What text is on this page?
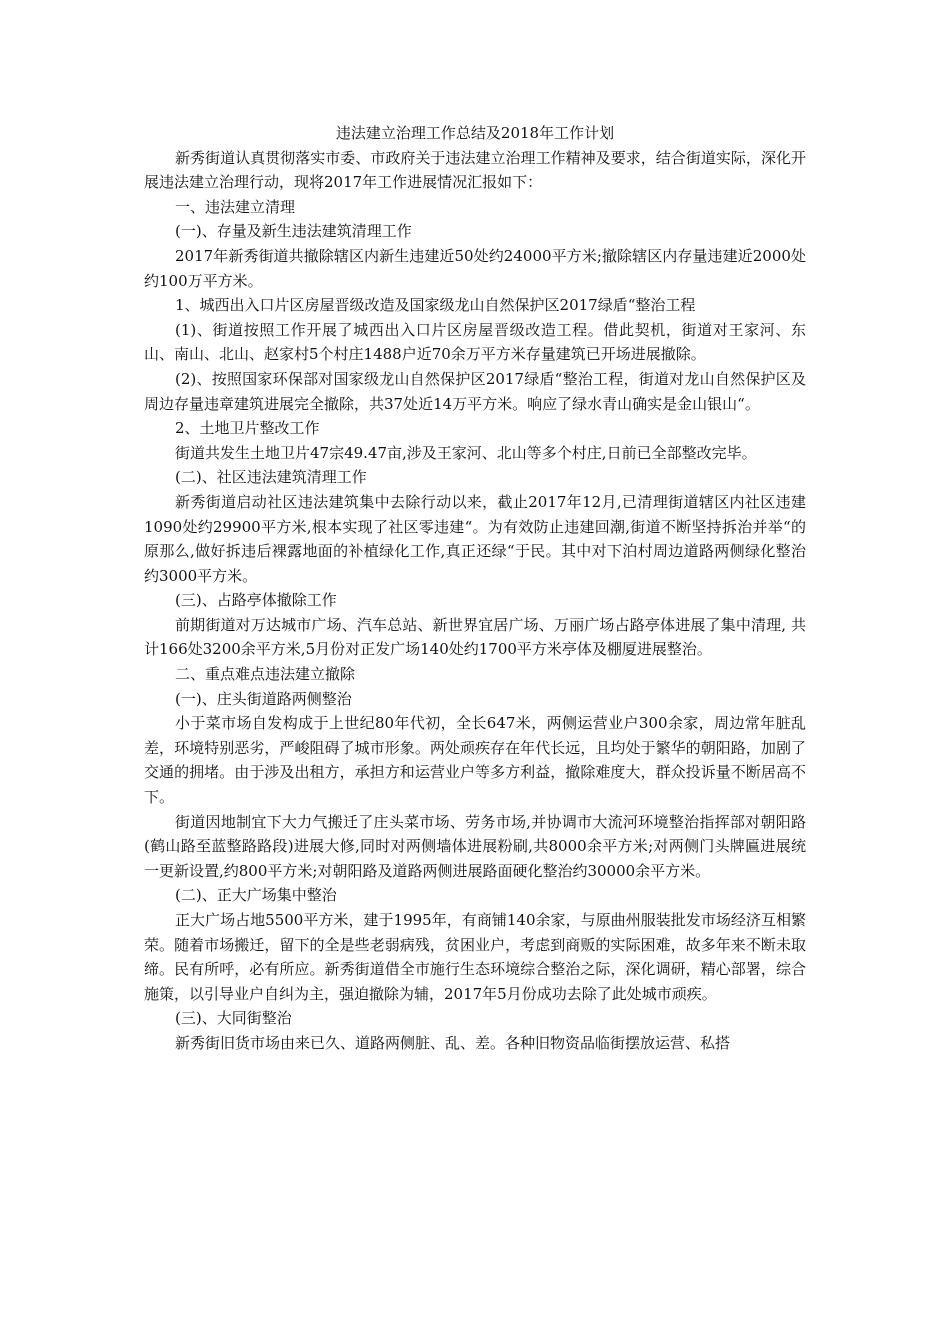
违法建立治理工作总结及2018年工作计划

新秀街道认真贯彻落实市委、市政府关于违法建立治理工作精神及要求，结合街道实际，深化开展违法建立治理行动，现将2017年工作进展情况汇报如下：

一、违法建立清理

(一)、存量及新生违法建筑清理工作

2017年新秀街道共撤除辖区内新生违建近50处约24000平方米;撤除辖区内存量违建近2000处约100万平方米。

1、城西出入口片区房屋晋级改造及国家级龙山自然保护区2017绿盾“整治工程

(1)、街道按照工作开展了城西出入口片区房屋晋级改造工程。借此契机，街道对王家河、东山、南山、北山、赵家村5个村庄1488户近70余万平方米存量建筑已开场进展撤除。

(2)、按照国家环保部对国家级龙山自然保护区2017绿盾“整治工程，街道对龙山自然保护区及周边存量违章建筑进展完全撤除，共37处近14万平方米。响应了绿水青山确实是金山银山“。

2、土地卫片整改工作

街道共发生土地卫片47宗49.47亩,涉及王家河、北山等多个村庄,日前已全部整改完毕。

(二)、社区违法建筑清理工作

新秀街道启动社区违法建筑集中去除行动以来，截止2017年12月,已清理街道辖区内社区违建1090处约29900平方米,根本实现了社区零违建“。为有效防止违建回潮,街道不断坚持拆治并举“的原那么,做好拆违后裸露地面的补植绿化工作,真正还绿“于民。其中对下泊村周边道路两侧绿化整治约3000平方米。

(三)、占路亭体撤除工作

前期街道对万达城市广场、汽车总站、新世界宜居广场、万丽广场占路亭体进展了集中清理, 共计166处3200余平方米,5月份对正发广场140处约1700平方米亭体及棚厦进展整治。

二、重点难点违法建立撤除

(一)、庄头街道路两侧整治

小于菜市场自发构成于上世纪80年代初，全长647米，两侧运营业户300余家，周边常年脏乱差，环境特别恶劣，严峻阻碍了城市形象。两处顽疾存在年代长远，且均处于繁华的朝阳路，加剧了交通的拥堵。由于涉及出租方，承担方和运营业户等多方利益，撤除难度大，群众投诉量不断居高不下。

街道因地制宜下大力气搬迁了庄头菜市场、劳务市场,并协调市大流河环境整治指挥部对朝阳路(鹤山路至蓝整路路段)进展大修,同时对两侧墙体进展粉刷,共8000余平方米;对两侧门头牌匾进展统一更新设置,约800平方米;对朝阳路及道路两侧进展路面硬化整治约30000余平方米。

(二)、正大广场集中整治

正大广场占地5500平方米，建于1995年，有商铺140余家，与原曲州服装批发市场经济互相繁荣。随着市场搬迁，留下的全是些老弱病残，贫困业户，考虑到商贩的实际困难，故多年来不断未取缔。民有所呼，必有所应。新秀街道借全市施行生态环境综合整治之际，深化调研，精心部署，综合施策，以引导业户自纠为主，强迫撤除为辅，2017年5月份成功去除了此处城市顽疾。

(三)、大同街整治

新秀街旧货市场由来已久、道路两侧脏、乱、差。各种旧物资品临街摆放运营、私搭
